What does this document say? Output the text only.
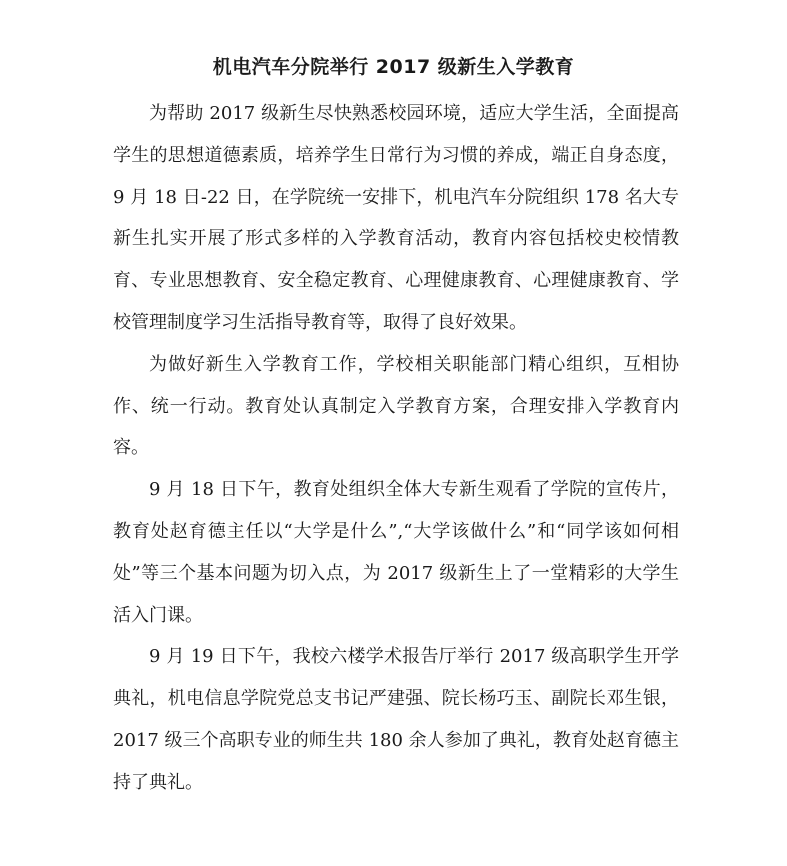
机电汽车分院举行 2017 级新生入学教育

为帮助 2017 级新生尽快熟悉校园环境，适应大学生活，全面提高学生的思想道德素质，培养学生日常行为习惯的养成，端正自身态度，9 月 18 日-22 日，在学院统一安排下，机电汽车分院组织 178 名大专新生扎实开展了形式多样的入学教育活动，教育内容包括校史校情教育、专业思想教育、安全稳定教育、心理健康教育、心理健康教育、学校管理制度学习生活指导教育等，取得了良好效果。

为做好新生入学教育工作，学校相关职能部门精心组织，互相协作、统一行动。教育处认真制定入学教育方案，合理安排入学教育内容。

9 月 18 日下午，教育处组织全体大专新生观看了学院的宣传片，教育处赵育德主任以“大学是什么”,“大学该做什么”和“同学该如何相处”等三个基本问题为切入点，为 2017 级新生上了一堂精彩的大学生活入门课。

9 月 19 日下午，我校六楼学术报告厅举行 2017 级高职学生开学典礼，机电信息学院党总支书记严建强、院长杨巧玉、副院长邓生银，2017 级三个高职专业的师生共 180 余人参加了典礼，教育处赵育德主持了典礼。
